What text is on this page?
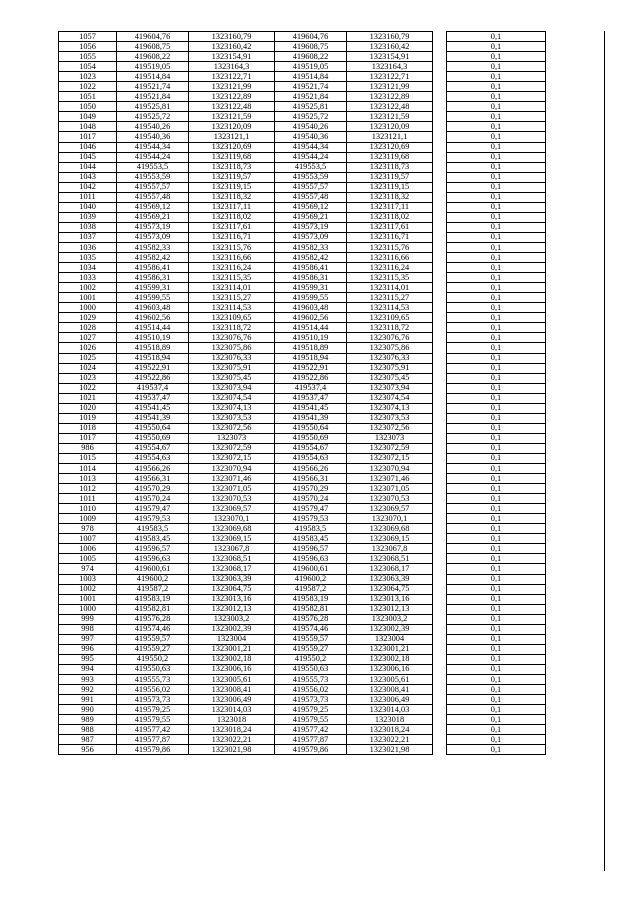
1057	419604,76	1323160,79	419604,76	1323160,79		0,1
1056	419608,75	1323160,42	419608,75	1323160,42		0,1
1055	419608,22	1323154,91	419608,22	1323154,91		0,1
1054	419519,05	1323164,3	419519,05	1323164,3		0,1
1023	419514,84	1323122,71	419514,84	1323122,71		0,1
1022	419521,74	1323121,99	419521,74	1323121,99		0,1
1051	419521,84	1323122,89	419521,84	1323122,89		0,1
1050	419525,81	1323122,48	419525,81	1323122,48		0,1
1049	419525,72	1323121,59	419525,72	1323121,59		0,1
1048	419540,26	1323120,09	419540,26	1323120,09		0,1
1017	419540,36	1323121,1	419540,36	1323121,1		0,1
1046	419544,34	1323120,69	419544,34	1323120,69		0,1
1045	419544,24	1323119,68	419544,24	1323119,68		0,1
1044	419553,5	1323118,73	419553,5	1323118,73		0,1
1043	419553,59	1323119,57	419553,59	1323119,57		0,1
1042	419557,57	1323119,15	419557,57	1323119,15		0,1
1011	419557,48	1323118,32	419557,48	1323118,32		0,1
1040	419569,12	1323117,11	419569,12	1323117,11		0,1
1039	419569,21	1323118,02	419569,21	1323118,02		0,1
1038	419573,19	1323117,61	419573,19	1323117,61		0,1
1037	419573,09	1323116,71	419573,09	1323116,71		0,1
1036	419582,33	1323115,76	419582,33	1323115,76		0,1
1035	419582,42	1323116,66	419582,42	1323116,66		0,1
1034	419586,41	1323116,24	419586,41	1323116,24		0,1
1033	419586,31	1323115,35	419586,31	1323115,35		0,1
1002	419599,31	1323114,01	419599,31	1323114,01		0,1
1001	419599,55	1323115,27	419599,55	1323115,27		0,1
1000	419603,48	1323114,53	419603,48	1323114,53		0,1
1029	419602,56	1323109,65	419602,56	1323109,65		0,1
1028	419514,44	1323118,72	419514,44	1323118,72		0,1
1027	419510,19	1323076,76	419510,19	1323076,76		0,1
1026	419518,89	1323075,86	419518,89	1323075,86		0,1
1025	419518,94	1323076,33	419518,94	1323076,33		0,1
1024	419522,91	1323075,91	419522,91	1323075,91		0,1
1023	419522,86	1323075,45	419522,86	1323075,45		0,1
1022	419537,4	1323073,94	419537,4	1323073,94		0,1
1021	419537,47	1323074,54	419537,47	1323074,54		0,1
1020	419541,45	1323074,13	419541,45	1323074,13		0,1
1019	419541,39	1323073,53	419541,39	1323073,53		0,1
1018	419550,64	1323072,56	419550,64	1323072,56		0,1
1017	419550,69	1323073	419550,69	1323073		0,1
986	419554,67	1323072,59	419554,67	1323072,59		0,1
1015	419554,63	1323072,15	419554,63	1323072,15		0,1
1014	419566,26	1323070,94	419566,26	1323070,94		0,1
1013	419566,31	1323071,46	419566,31	1323071,46		0,1
1012	419570,29	1323071,05	419570,29	1323071,05		0,1
1011	419570,24	1323070,53	419570,24	1323070,53		0,1
1010	419579,47	1323069,57	419579,47	1323069,57		0,1
1009	419579,53	1323070,1	419579,53	1323070,1		0,1
978	419583,5	1323069,68	419583,5	1323069,68		0,1
1007	419583,45	1323069,15	419583,45	1323069,15		0,1
1006	419596,57	1323067,8	419596,57	1323067,8		0,1
1005	419596,63	1323068,51	419596,63	1323068,51		0,1
974	419600,61	1323068,17	419600,61	1323068,17		0,1
1003	419600,2	1323063,39	419600,2	1323063,39		0,1
1002	419587,2	1323064,75	419587,2	1323064,75		0,1
1001	419583,19	1323013,16	419583,19	1323013,16		0,1
1000	419582,81	1323012,13	419582,81	1323012,13		0,1
999	419576,28	1323003,2	419576,28	1323003,2		0,1
998	419574,46	1323002,39	419574,46	1323002,39		0,1
997	419559,57	1323004	419559,57	1323004		0,1
996	419559,27	1323001,21	419559,27	1323001,21		0,1
995	419550,2	1323002,18	419550,2	1323002,18		0,1
994	419550,63	1323006,16	419550,63	1323006,16		0,1
993	419555,73	1323005,61	419555,73	1323005,61		0,1
992	419556,02	1323008,41	419556,02	1323008,41		0,1
991	419573,73	1323006,49	419573,73	1323006,49		0,1
990	419579,25	1323014,03	419579,25	1323014,03		0,1
989	419579,55	1323018	419579,55	1323018		0,1
988	419577,42	1323018,24	419577,42	1323018,24		0,1
987	419577,87	1323022,21	419577,87	1323022,21		0,1
956	419579,86	1323021,98	419579,86	1323021,98		0,1
